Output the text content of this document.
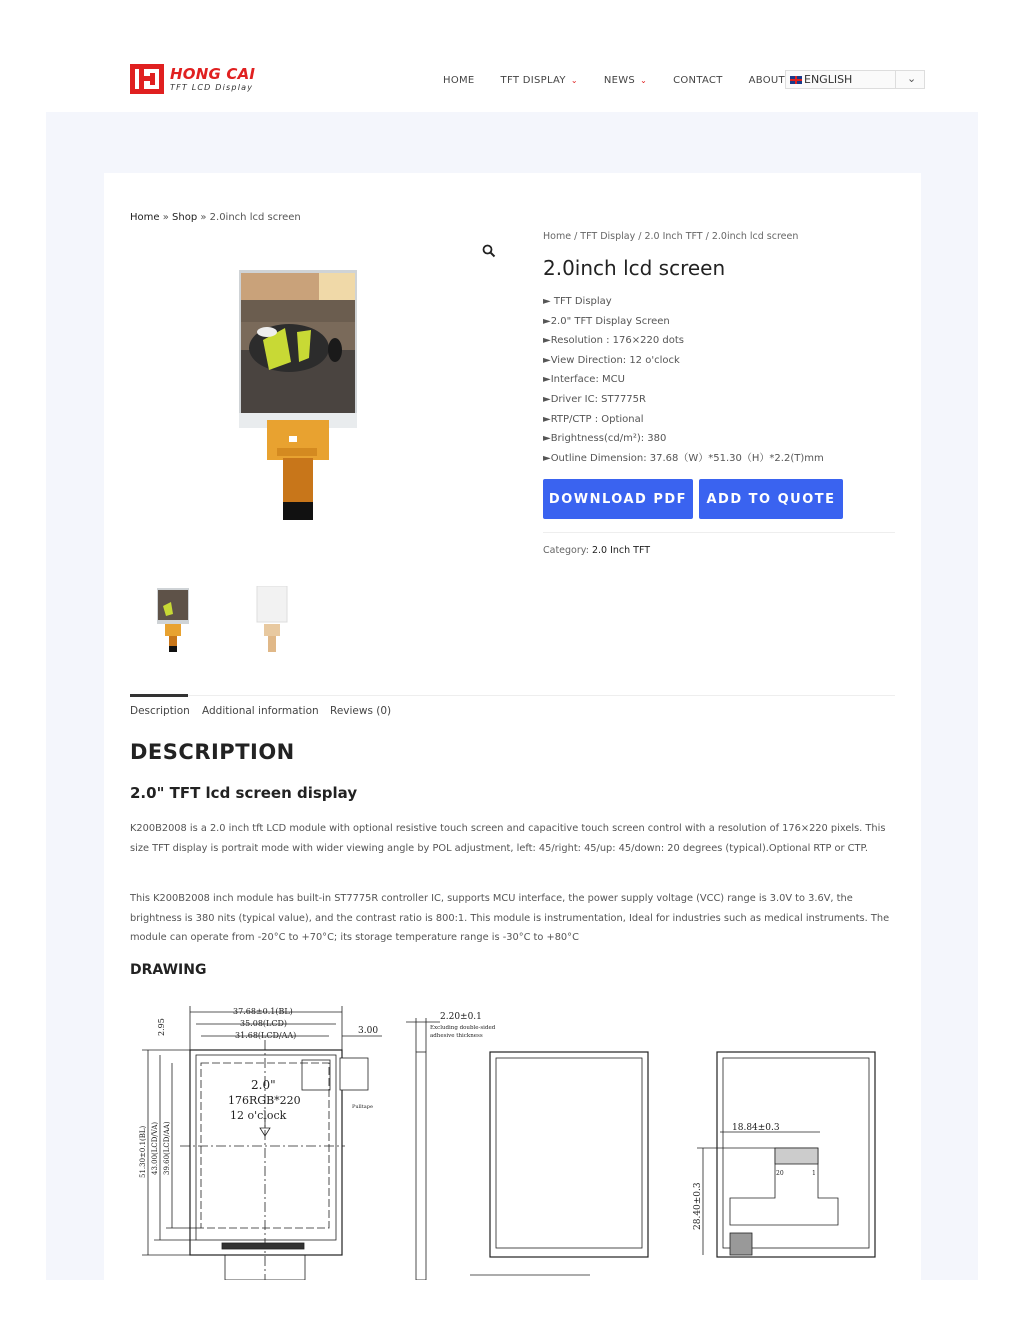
HONG CAI
TFT LCD Display
HOME	TFT DISPLAY ⌄	NEWS ⌄	CONTACT	ABOUT ENGLISH	⌄
Home » Shop » 2.0inch lcd screen
Home / TFT Display / 2.0 Inch TFT / 2.0inch lcd screen
2.0inch lcd screen
► TFT Display
►2.0" TFT Display Screen
►Resolution : 176×220 dots
►View Direction: 12 o'clock
►Interface: MCU
►Driver IC: ST7775R
►RTP/CTP : Optional
►Brightness(cd/m²): 380
►Outline Dimension: 37.68（W）*51.30（H）*2.2(T)mm
DOWNLOAD PDF	ADD TO QUOTE
Category: 2.0 Inch TFT
Description Additional information Reviews (0)
DESCRIPTION
2.0" TFT lcd screen display

K200B2008 is a 2.0 inch tft LCD module with optional resistive touch screen and capacitive touch screen control with a resolution of 176×220 pixels. This size TFT display is portrait mode with wider viewing angle by POL adjustment, left: 45/right: 45/up: 45/down: 20 degrees (typical).Optional RTP or CTP.

This K200B2008 inch module has built-in ST7775R controller IC, supports MCU interface, the power supply voltage (VCC) range is 3.0V to 3.6V, the brightness is 380 nits (typical value), and the contrast ratio is 800:1. This module is instrumentation, Ideal for industries such as medical instruments. The module can operate from -20°C to +70°C; its storage temperature range is -30°C to +80°C

DRAWING
37.68±0.1(BL)
35.08(LCD)
31.68(LCD/AA)	3.00
Pulltape
2.0"
176RGB*220
12 o'clock
2.20±0.1
Excluding double-sided
adhesive thickness
18.84±0.3
20	1
2.95
51.30±0.1(BL) 43.00(LCD/VA) 39.60(LCD/AA)
28.40±0.3
